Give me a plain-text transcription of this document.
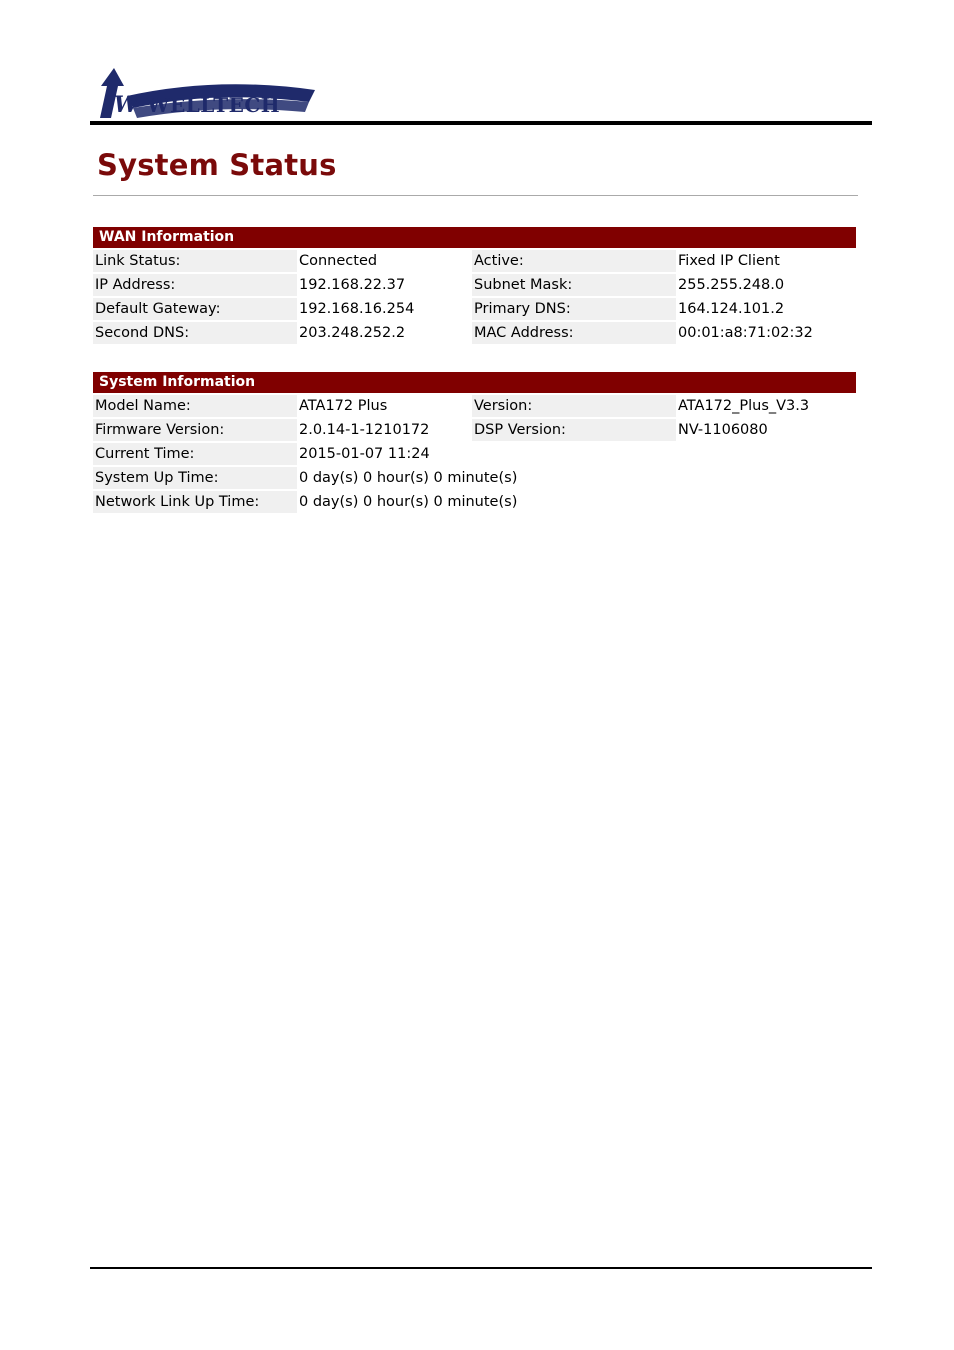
W WELLTECH
System Status
WAN Information
Link Status:	Connected	Active:	Fixed IP Client
IP Address:	192.168.22.37	Subnet Mask:	255.255.248.0
Default Gateway:	192.168.16.254	Primary DNS:	164.124.101.2
Second DNS:	203.248.252.2	MAC Address:	00:01:a8:71:02:32
System Information
Model Name:	ATA172 Plus	Version:	ATA172_Plus_V3.3
Firmware Version:	2.0.14-1-1210172	DSP Version:	NV-1106080
Current Time:	2015-01-07 11:24
System Up Time:	0 day(s) 0 hour(s) 0 minute(s)
Network Link Up Time:	0 day(s) 0 hour(s) 0 minute(s)
